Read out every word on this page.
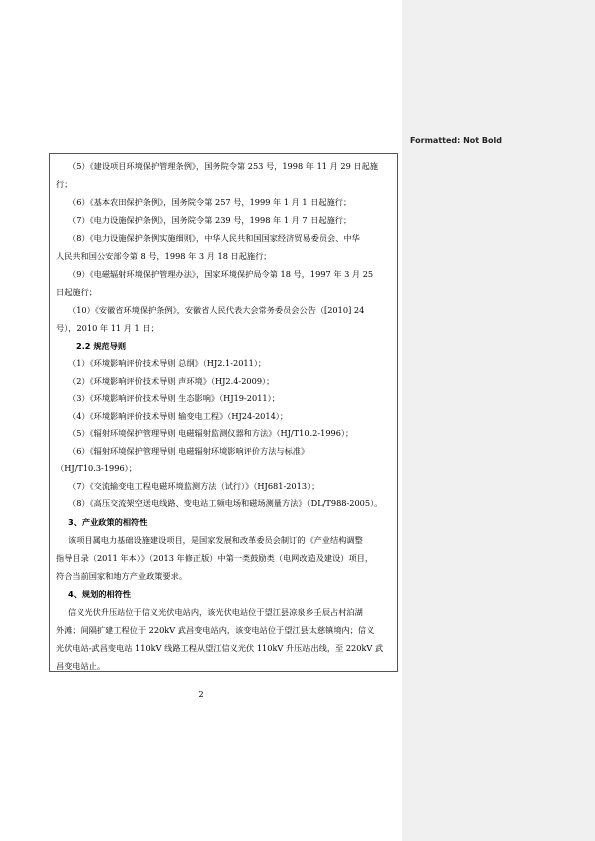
Formatted: Not Bold
（5）《建设项目环境保护管理条例》，国务院令第 253 号，1998 年 11 月 29 日起施
行；
（6）《基本农田保护条例》，国务院令第 257 号，1999 年 1 月 1 日起施行；
（7）《电力设施保护条例》，国务院令第 239 号，1998 年 1 月 7 日起施行；
（8）《电力设施保护条例实施细则》，中华人民共和国国家经济贸易委员会、中华
人民共和国公安部令第 8 号，1998 年 3 月 18 日起施行；
（9）《电磁辐射环境保护管理办法》，国家环境保护局令第 18 号，1997 年 3 月 25
日起施行；
（10）《安徽省环境保护条例》，安徽省人民代表大会常务委员会公告（[2010] 24
号），2010 年 11 月 1 日；
2.2 规范导则
（1）《环境影响评价技术导则 总纲》（HJ2.1-2011）；
（2）《环境影响评价技术导则 声环境》（HJ2.4-2009）；
（3）《环境影响评价技术导则 生态影响》（HJ19-2011）；
（4）《环境影响评价技术导则 输变电工程》（HJ24-2014）；
（5）《辐射环境保护管理导则 电磁辐射监测仪器和方法》（HJ/T10.2-1996）；
（6）《辐射环境保护管理导则 电磁辐射环境影响评价方法与标准》
（HJ/T10.3-1996）；
（7）《交流输变电工程电磁环境监测方法（试行）》（HJ681-2013）；
（8）《高压交流架空送电线路、变电站工频电场和磁场测量方法》（DL/T988-2005）。
3、产业政策的相符性
该项目属电力基础设施建设项目，是国家发展和改革委员会制订的《产业结构调整
指导目录（2011 年本）》（2013 年修正版）中第一类鼓励类（电网改造及建设）项目，
符合当前国家和地方产业政策要求。
4、规划的相符性
信义光伏升压站位于信义光伏电站内，该光伏电站位于望江县凉泉乡壬辰占村泊湖
外滩；间隔扩建工程位于 220kV 武昌变电站内，该变电站位于望江县太慈镇境内；信义
光伏电站-武昌变电站 110kV 线路工程从望江信义光伏 110kV 升压站出线，至 220kV 武
昌变电站止。
2
